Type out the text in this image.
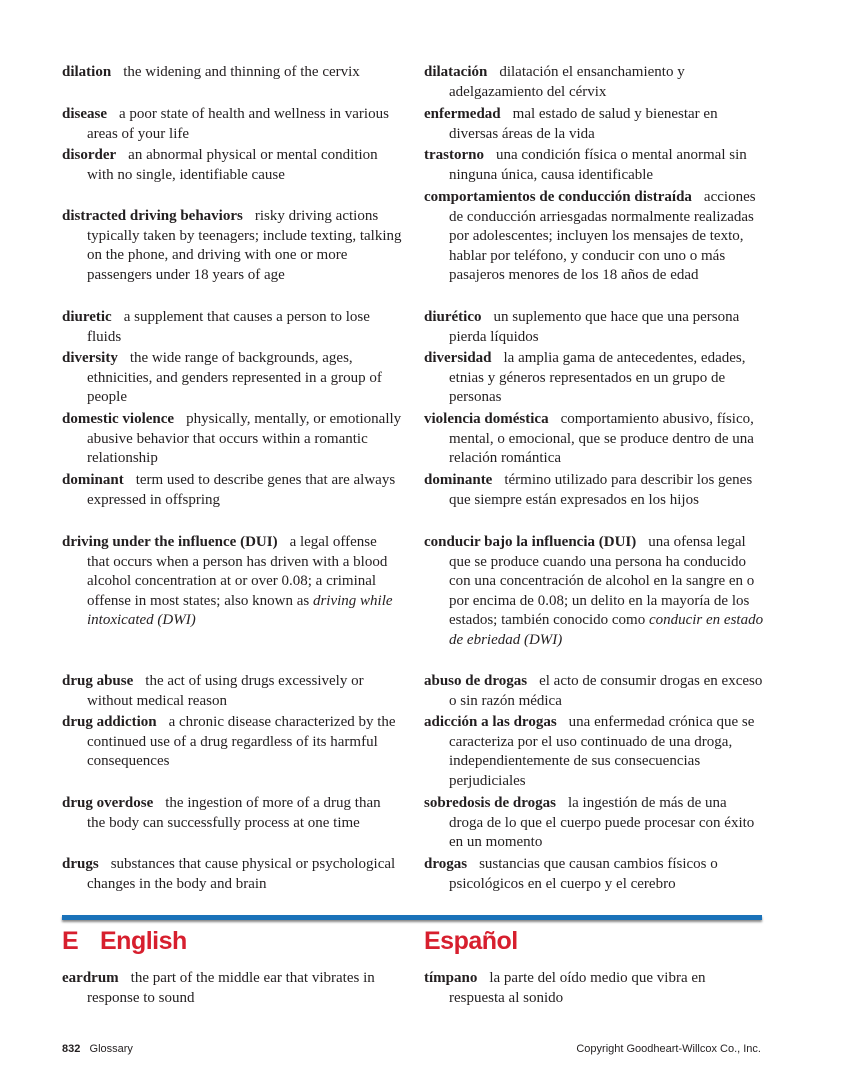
dilation the widening and thinning of the cervix
disease a poor state of health and wellness in various areas of your life
disorder an abnormal physical or mental condition with no single, identifiable cause
distracted driving behaviors risky driving actions typically taken by teenagers; include texting, talking on the phone, and driving with one or more passengers under 18 years of age
diuretic a supplement that causes a person to lose fluids
diversity the wide range of backgrounds, ages, ethnicities, and genders represented in a group of people
domestic violence physically, mentally, or emotionally abusive behavior that occurs within a romantic relationship
dominant term used to describe genes that are always expressed in offspring
driving under the influence (DUI) a legal offense that occurs when a person has driven with a blood alcohol concentration at or over 0.08; a criminal offense in most states; also known as driving while intoxicated (DWI)
drug abuse the act of using drugs excessively or without medical reason
drug addiction a chronic disease characterized by the continued use of a drug regardless of its harmful consequences
drug overdose the ingestion of more of a drug than the body can successfully process at one time
drugs substances that cause physical or psychological changes in the body and brain
dilatación dilatación el ensanchamiento y adelgazamiento del cérvix
enfermedad mal estado de salud y bienestar en diversas áreas de la vida
trastorno una condición física o mental anormal sin ninguna única, causa identificable
comportamientos de conducción distraída acciones de conducción arriesgadas normalmente realizadas por adolescentes; incluyen los mensajes de texto, hablar por teléfono, y conducir con uno o más pasajeros menores de los 18 años de edad
diurético un suplemento que hace que una persona pierda líquidos
diversidad la amplia gama de antecedentes, edades, etnias y géneros representados en un grupo de personas
violencia doméstica comportamiento abusivo, físico, mental, o emocional, que se produce dentro de una relación romántica
dominante término utilizado para describir los genes que siempre están expresados en los hijos
conducir bajo la influencia (DUI) una ofensa legal que se produce cuando una persona ha conducido con una concentración de alcohol en la sangre en o por encima de 0.08; un delito en la mayoría de los estados; también conocido como conducir en estado de ebriedad (DWI)
abuso de drogas el acto de consumir drogas en exceso o sin razón médica
adicción a las drogas una enfermedad crónica que se caracteriza por el uso continuado de una droga, independientemente de sus consecuencias perjudiciales
sobredosis de drogas la ingestión de más de una droga de lo que el cuerpo puede procesar con éxito en un momento
drogas sustancias que causan cambios físicos o psicológicos en el cuerpo y el cerebro
E English	Español
eardrum the part of the middle ear that vibrates in response to sound
tímpano la parte del oído medio que vibra en respuesta al sonido
832 Glossary	Copyright Goodheart-Willcox Co., Inc.
